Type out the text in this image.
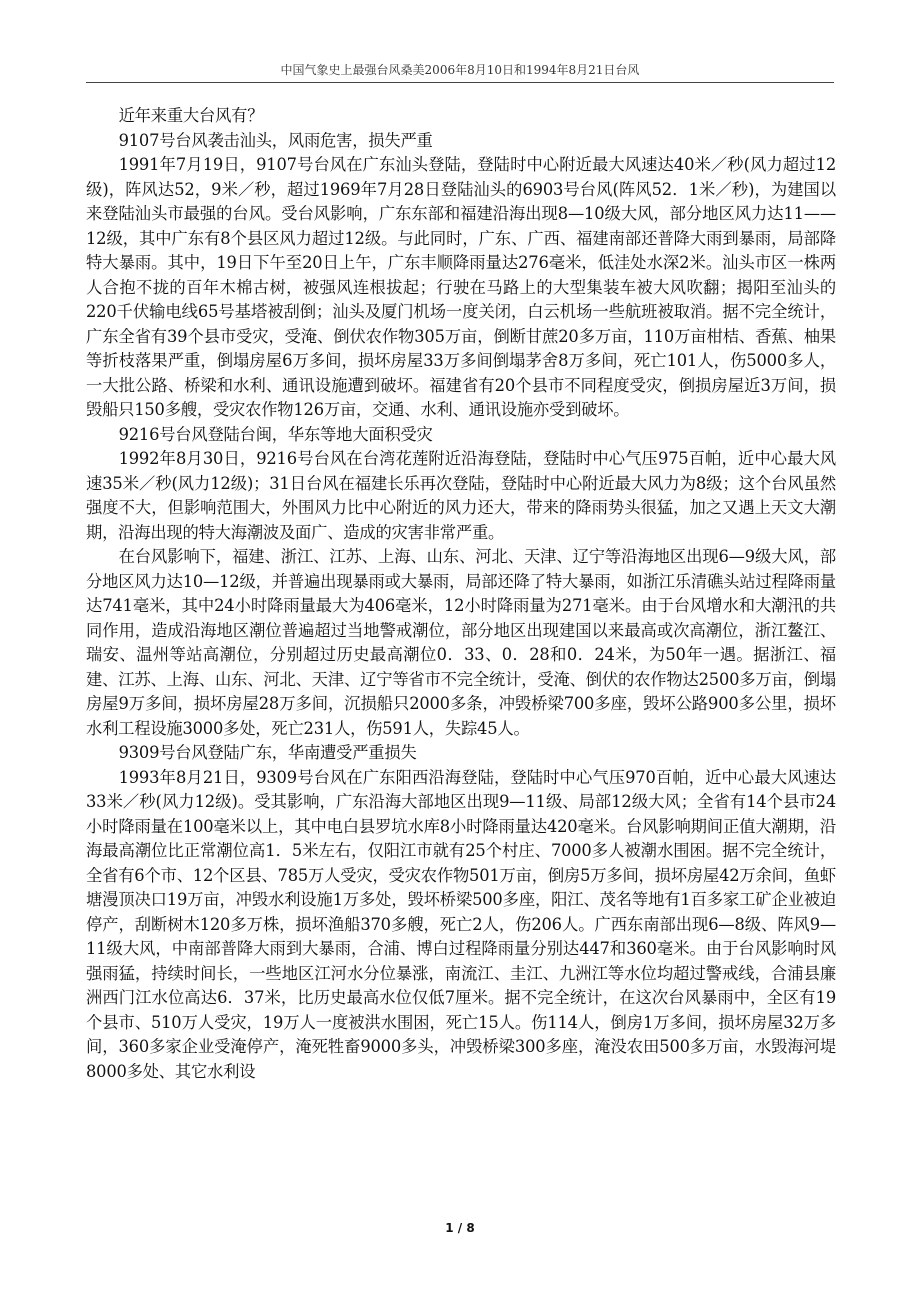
中国气象史上最强台风桑美2006年8月10日和1994年8月21日台风

近年来重大台风有？

9107号台风袭击汕头，风雨危害，损失严重

1991年7月19日，9107号台风在广东汕头登陆，登陆时中心附近最大风速达40米／秒(风力超过12级)，阵风达52，9米／秒，超过1969年7月28日登陆汕头的6903号台风(阵风52．1米／秒)，为建国以来登陆汕头市最强的台风。受台风影响，广东东部和福建沿海出现8—10级大风，部分地区风力达11——12级，其中广东有8个县区风力超过12级。与此同时，广东、广西、福建南部还普降大雨到暴雨，局部降特大暴雨。其中，19日下午至20日上午，广东丰顺降雨量达276毫米，低洼处水深2米。汕头市区一株两人合抱不拢的百年木棉古树，被强风连根拔起；行驶在马路上的大型集装车被大风吹翻；揭阳至汕头的220千伏输电线65号基塔被刮倒；汕头及厦门机场一度关闭，白云机场一些航班被取消。据不完全统计，广东全省有39个县市受灾，受淹、倒伏农作物305万亩，倒断甘蔗20多万亩，110万亩柑桔、香蕉、柚果等折枝落果严重，倒塌房屋6万多间，损坏房屋33万多间倒塌茅舍8万多间，死亡101人，伤5000多人，一大批公路、桥梁和水利、通讯设施遭到破坏。福建省有20个县市不同程度受灾，倒损房屋近3万间，损毁船只150多艘，受灾农作物126万亩，交通、水利、通讯设施亦受到破坏。

9216号台风登陆台闽，华东等地大面积受灾

1992年8月30日，9216号台风在台湾花莲附近沿海登陆，登陆时中心气压975百帕，近中心最大风速35米／秒(风力12级)；31日台风在福建长乐再次登陆，登陆时中心附近最大风力为8级；这个台风虽然强度不大，但影响范围大，外围风力比中心附近的风力还大，带来的降雨势头很猛，加之又遇上天文大潮期，沿海出现的特大海潮波及面广、造成的灾害非常严重。

在台风影响下，福建、浙江、江苏、上海、山东、河北、天津、辽宁等沿海地区出现6—9级大风，部分地区风力达10—12级，并普遍出现暴雨或大暴雨，局部还降了特大暴雨，如浙江乐清礁头站过程降雨量达741毫米，其中24小时降雨量最大为406毫米，12小时降雨量为271毫米。由于台风增水和大潮汛的共同作用，造成沿海地区潮位普遍超过当地警戒潮位，部分地区出现建国以来最高或次高潮位，浙江鳌江、瑞安、温州等站高潮位，分别超过历史最高潮位0．33、0．28和0．24米，为50年一遇。据浙江、福建、江苏、上海、山东、河北、天津、辽宁等省市不完全统计，受淹、倒伏的农作物达2500多万亩，倒塌房屋9万多间，损坏房屋28万多间，沉损船只2000多条，冲毁桥梁700多座，毁坏公路900多公里，损坏水利工程设施3000多处，死亡231人，伤591人，失踪45人。

9309号台风登陆广东，华南遭受严重损失

1993年8月21日，9309号台风在广东阳西沿海登陆，登陆时中心气压970百帕，近中心最大风速达33米／秒(风力12级)。受其影响，广东沿海大部地区出现9—11级、局部12级大风；全省有14个县市24小时降雨量在100毫米以上，其中电白县罗坑水库8小时降雨量达420毫米。台风影响期间正值大潮期，沿海最高潮位比正常潮位高1．5米左右，仅阳江市就有25个村庄、7000多人被潮水围困。据不完全统计，全省有6个市、12个区县、785万人受灾，受灾农作物501万亩，倒房5万多间，损坏房屋42万余间，鱼虾塘漫顶决口19万亩，冲毁水利设施1万多处，毁坏桥梁500多座，阳江、茂名等地有1百多家工矿企业被迫停产，刮断树木120多万株，损坏渔船370多艘，死亡2人，伤206人。广西东南部出现6—8级、阵风9—11级大风，中南部普降大雨到大暴雨，合浦、博白过程降雨量分别达447和360毫米。由于台风影响时风强雨猛，持续时间长，一些地区江河水分位暴涨，南流江、圭江、九洲江等水位均超过警戒线，合浦县廉洲西门江水位高达6．37米，比历史最高水位仅低7厘米。据不完全统计，在这次台风暴雨中，全区有19个县市、510万人受灾，19万人一度被洪水围困，死亡15人。伤114人，倒房1万多间，损坏房屋32万多间，360多家企业受淹停产，淹死牲畜9000多头，冲毁桥梁300多座，淹没农田500多万亩，水毁海河堤8000多处、其它水利设

1 / 8
